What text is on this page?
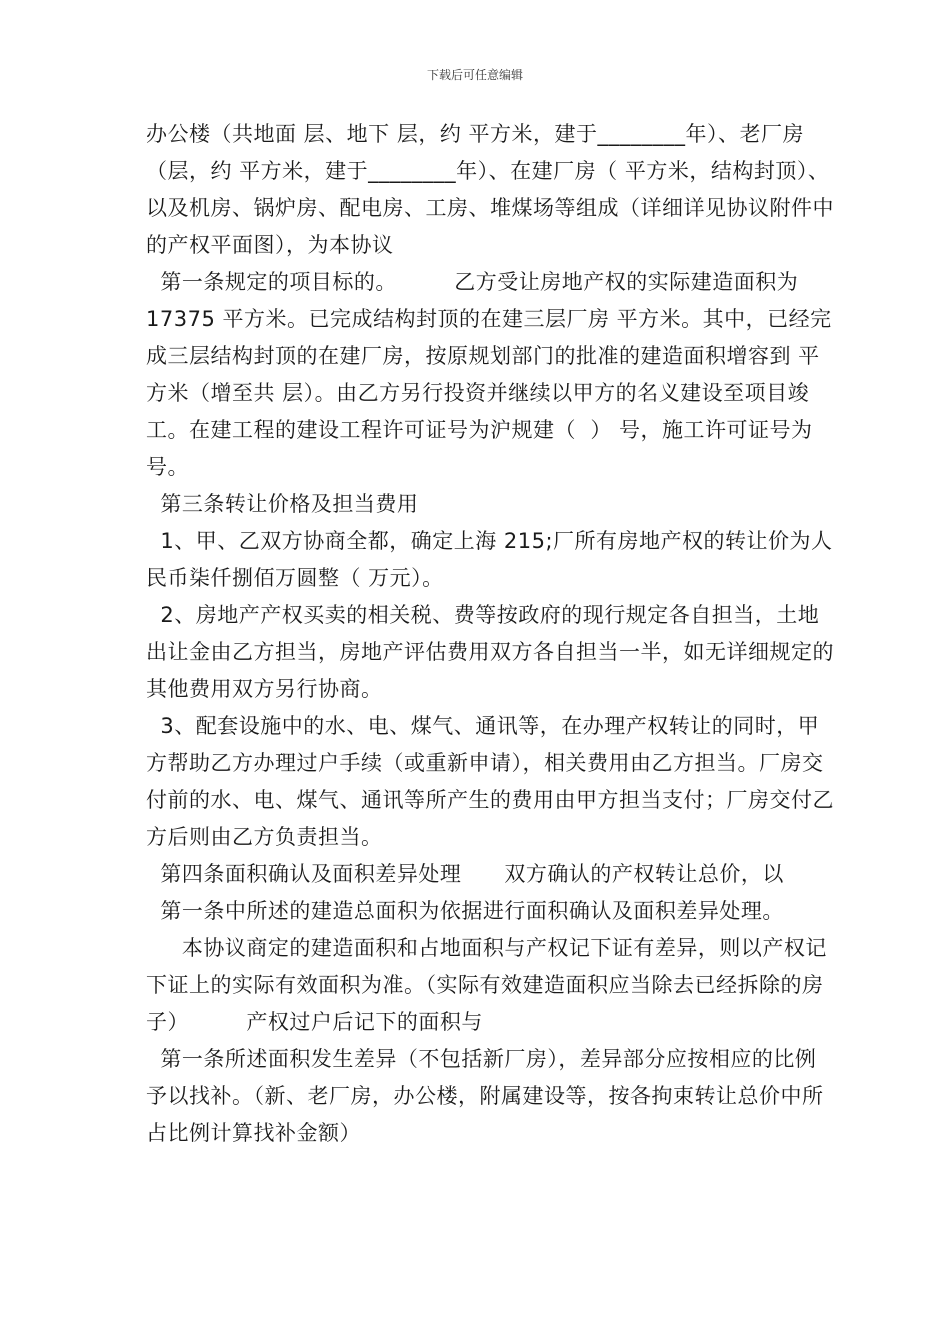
下载后可任意编辑

办公楼（共地面 层、地下 层，约 平方米，建于________年）、老厂房（层，约 平方米，建于________年）、在建厂房（ 平方米，结构封顶）、以及机房、锅炉房、配电房、工房、堆煤场等组成（详细详见协议附件中的产权平面图），为本协议

第一条规定的项目标的。        乙方受让房地产权的实际建造面积为 17375 平方米。已完成结构封顶的在建三层厂房 平方米。其中，已经完成三层结构封顶的在建厂房，按原规划部门的批准的建造面积增容到 平方米（增至共 层）。由乙方另行投资并继续以甲方的名义建设至项目竣工。在建工程的建设工程许可证号为沪规建（  ） 号，施工许可证号为 号。

第三条转让价格及担当费用

1、甲、乙双方协商全都，确定上海 215;厂所有房地产权的转让价为人民币柒仟捌佰万圆整（ 万元）。

2、房地产产权买卖的相关税、费等按政府的现行规定各自担当，土地出让金由乙方担当，房地产评估费用双方各自担当一半，如无详细规定的其他费用双方另行协商。

3、配套设施中的水、电、煤气、通讯等，在办理产权转让的同时，甲方帮助乙方办理过户手续（或重新申请），相关费用由乙方担当。厂房交付前的水、电、煤气、通讯等所产生的费用由甲方担当支付；厂房交付乙方后则由乙方负责担当。

第四条面积确认及面积差异处理      双方确认的产权转让总价，以

第一条中所述的建造总面积为依据进行面积确认及面积差异处理。

本协议商定的建造面积和占地面积与产权记下证有差异，则以产权记下证上的实际有效面积为准。（实际有效建造面积应当除去已经拆除的房子）        产权过户后记下的面积与

第一条所述面积发生差异（不包括新厂房），差异部分应按相应的比例予以找补。（新、老厂房，办公楼，附属建设等，按各拘束转让总价中所占比例计算找补金额）
